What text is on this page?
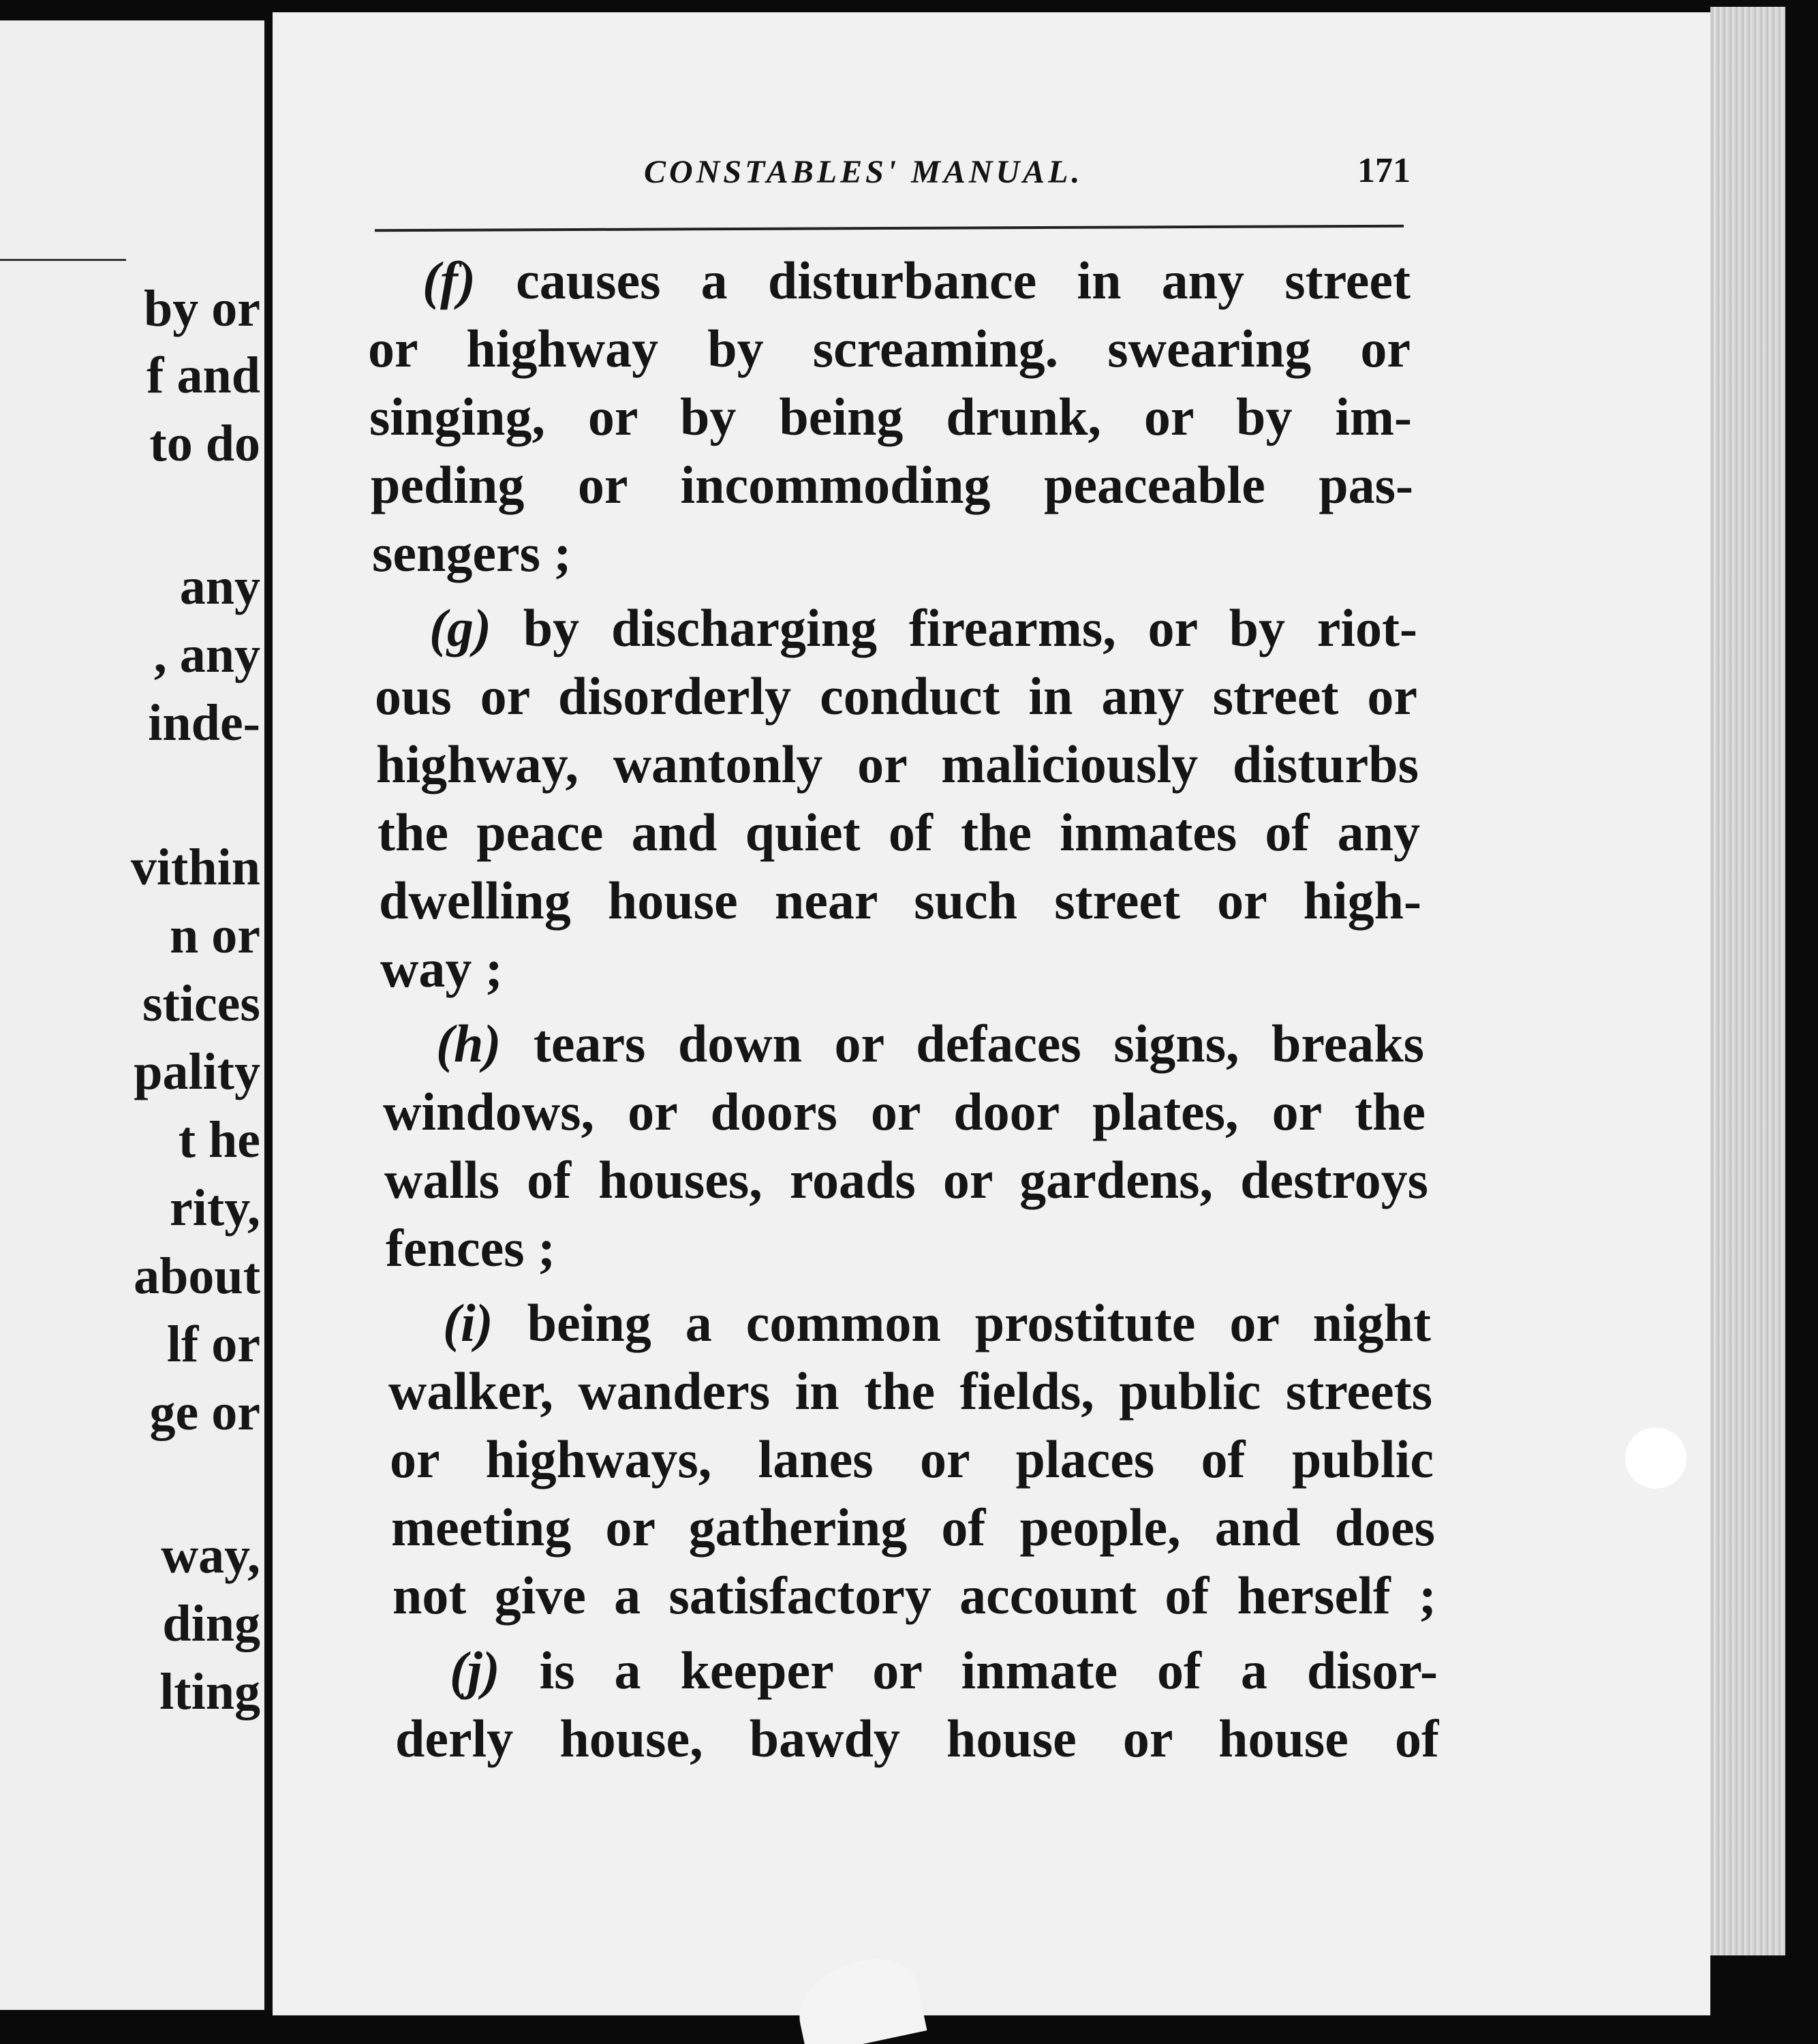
by or
f and
to do
any
, any
inde-
vithin
n or
stices
pality
t he
rity,
about
lf or
ge or
way,
ding
lting
CONSTABLES' MANUAL.	171
(f) causes a disturbance in any street
or highway by screaming. swearing or
singing, or by being drunk, or by im-
peding or incommoding peaceable pas-
sengers ;
(g) by discharging firearms, or by riot-
ous or disorderly conduct in any street or
highway, wantonly or maliciously disturbs
the peace and quiet of the inmates of any
dwelling house near such street or high-
way ;
(h) tears down or defaces signs, breaks
windows, or doors or door plates, or the
walls of houses, roads or gardens, destroys
fences ;
(i) being a common prostitute or night
walker, wanders in the fields, public streets
or highways, lanes or places of public
meeting or gathering of people, and does
not give a satisfactory account of herself ;
(j) is a keeper or inmate of a disor-
derly house, bawdy house or house of
